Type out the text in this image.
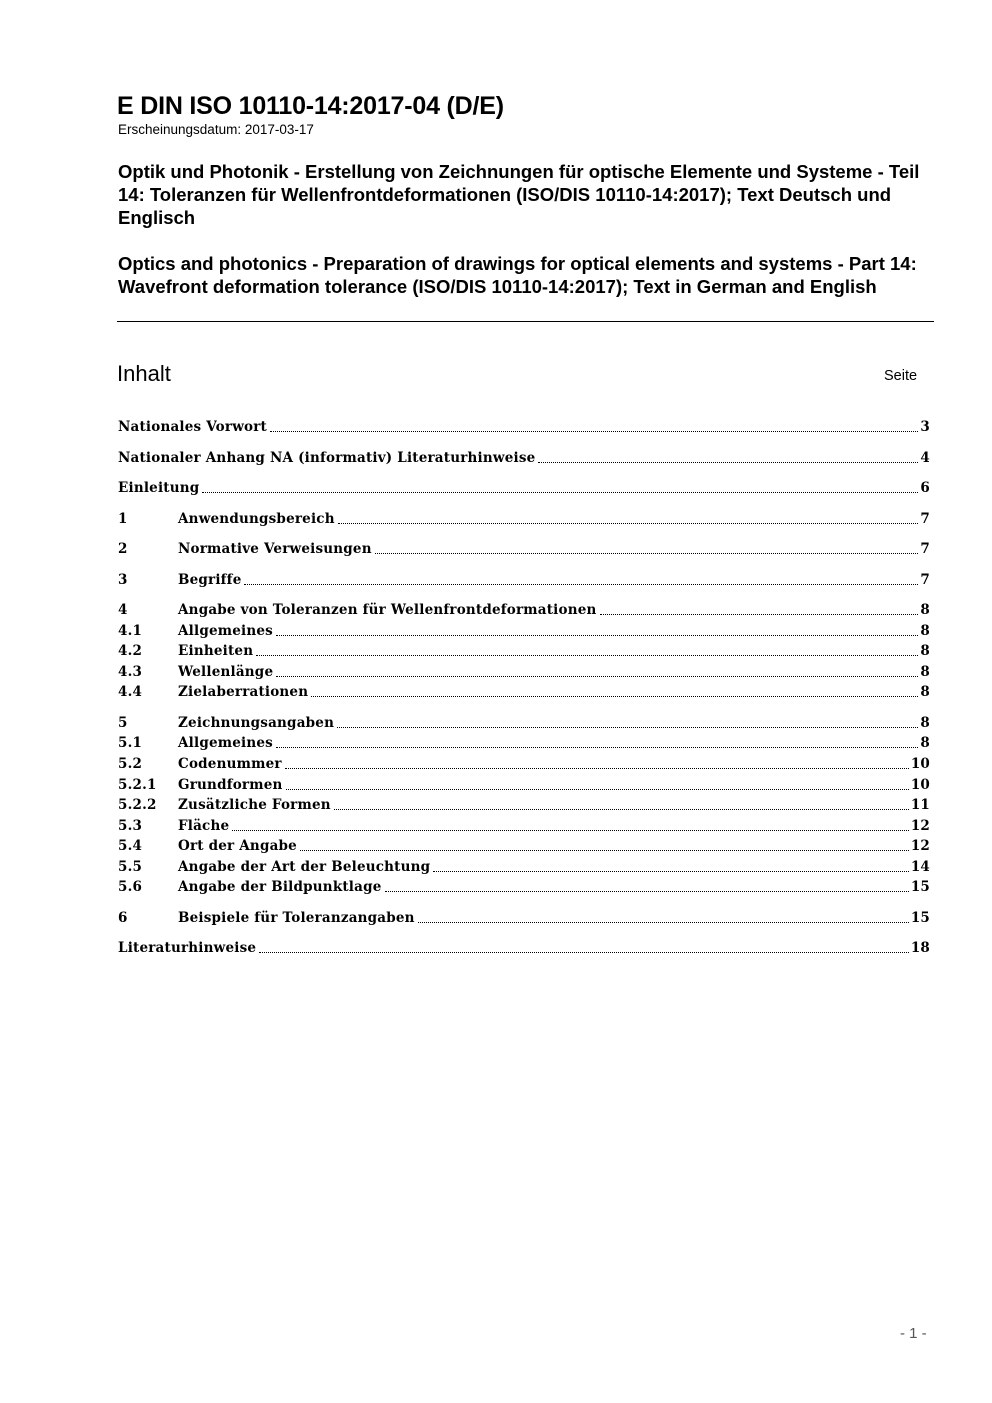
E DIN ISO 10110-14:2017-04 (D/E)
Erscheinungsdatum: 2017-03-17
Optik und Photonik - Erstellung von Zeichnungen für optische Elemente und Systeme - Teil 14: Toleranzen für Wellenfrontdeformationen (ISO/DIS 10110-14:2017); Text Deutsch und Englisch
Optics and photonics - Preparation of drawings for optical elements and systems - Part 14: Wavefront deformation tolerance (ISO/DIS 10110-14:2017); Text in German and English
Inhalt	Seite
Nationales Vorwort	3
Nationaler Anhang NA (informativ) Literaturhinweise	4
Einleitung	6
1	Anwendungsbereich	7
2	Normative Verweisungen	7
3	Begriffe	7
4	Angabe von Toleranzen für Wellenfrontdeformationen	8
4.1	Allgemeines	8
4.2	Einheiten	8
4.3	Wellenlänge	8
4.4	Zielaberrationen	8
5	Zeichnungsangaben	8
5.1	Allgemeines	8
5.2	Codenummer	10
5.2.1	Grundformen	10
5.2.2	Zusätzliche Formen	11
5.3	Fläche	12
5.4	Ort der Angabe	12
5.5	Angabe der Art der Beleuchtung	14
5.6	Angabe der Bildpunktlage	15
6	Beispiele für Toleranzangaben	15
Literaturhinweise	18
- 1 -
